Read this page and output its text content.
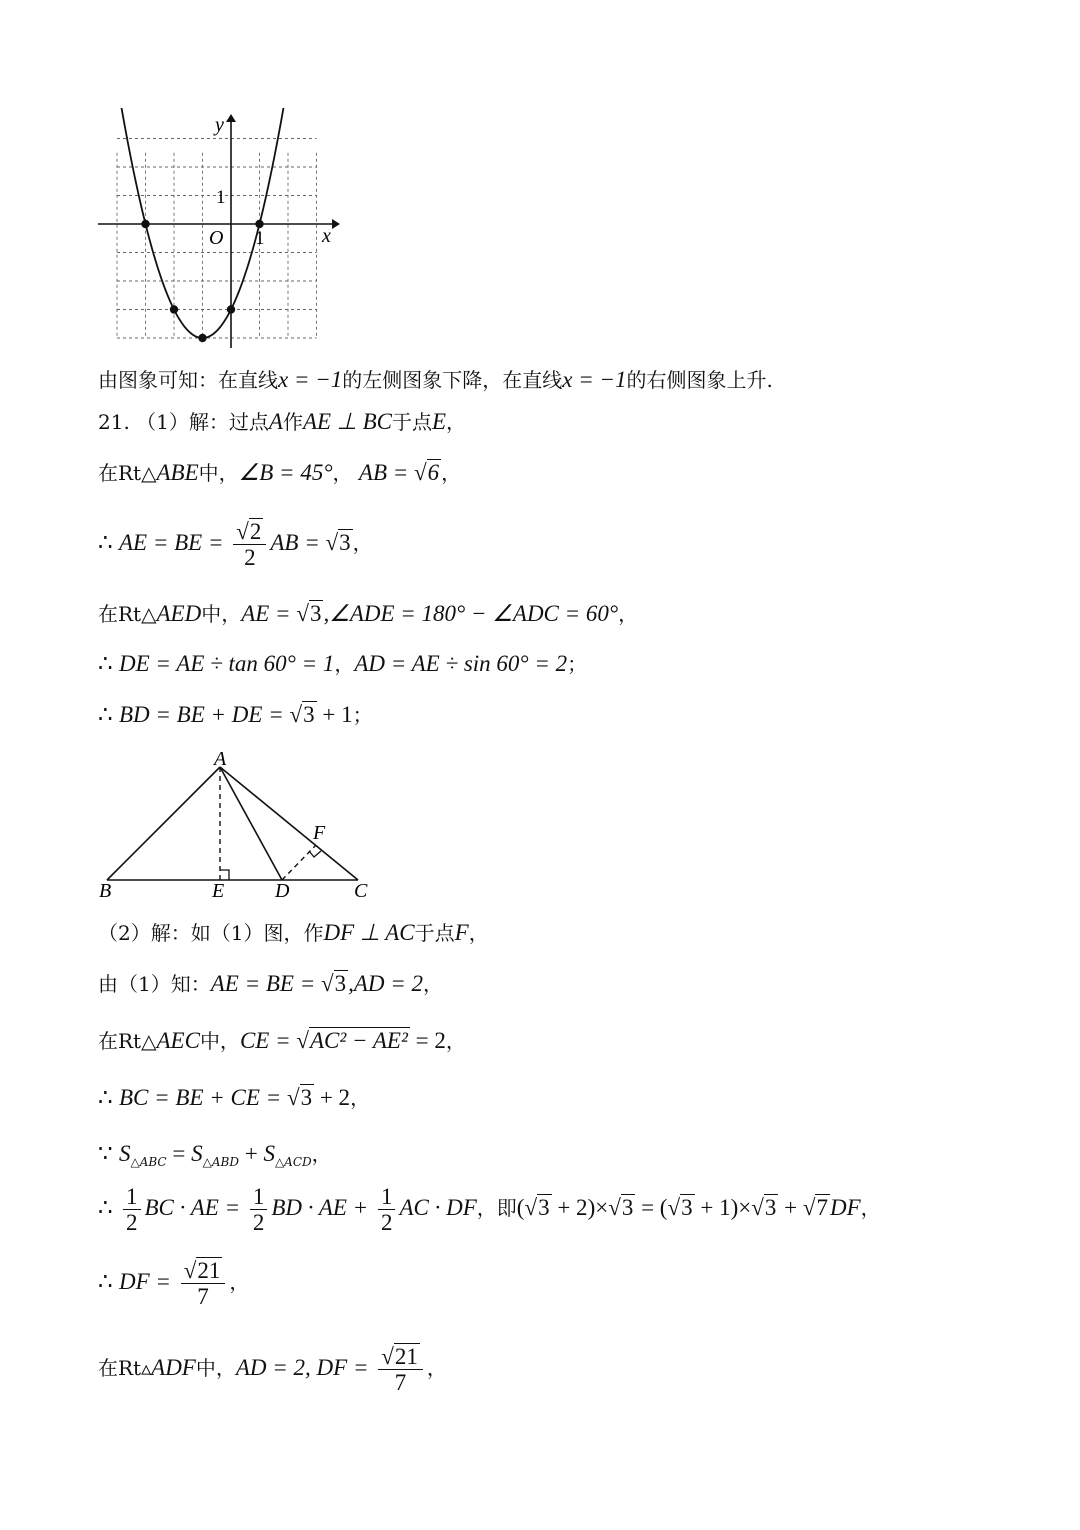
y
x
O
1
1
由图象可知：在直线x = −1的左侧图象下降，在直线x = −1的右侧图象上升.
21. （1）解：过点A作AE ⊥ BC于点E，
在Rt△ABE中，∠B = 45°， AB = √6 ，
∴ AE = BE = $\frac{√2}{2}$ AB = √3 ，
在Rt△AED中，AE = √3,∠ADE = 180° − ∠ADC = 60°，
∴ DE = AE ÷ tan 60° = 1，AD = AE ÷ sin 60° = 2；
∴ BD = BE + DE = √3 + 1；
A
B	C
D
E
F
（2）解：如（1）图，作DF ⊥ AC于点F，
由（1）知：AE = BE = √3,AD = 2，
在Rt△AEC中，CE = √AC² − AE² = 2，
∴ BC = BE + CE = √3 + 2，
∵ $S_{\triangle ABC} = S_{\triangle ABD} + S_{\triangle ACD}$，
∴ $\frac{1}{2}$ BC · AE = $\frac{1}{2}$ BD · AE + $\frac{1}{2}$ AC · DF，即(√3 + 2)×√3 = (√3 + 1)×√3 + √7DF，
∴ DF = $\frac{√21}{7}$ ，
在Rt▵ADF中，AD = 2, DF = $\frac{√21}{7}$ ，
